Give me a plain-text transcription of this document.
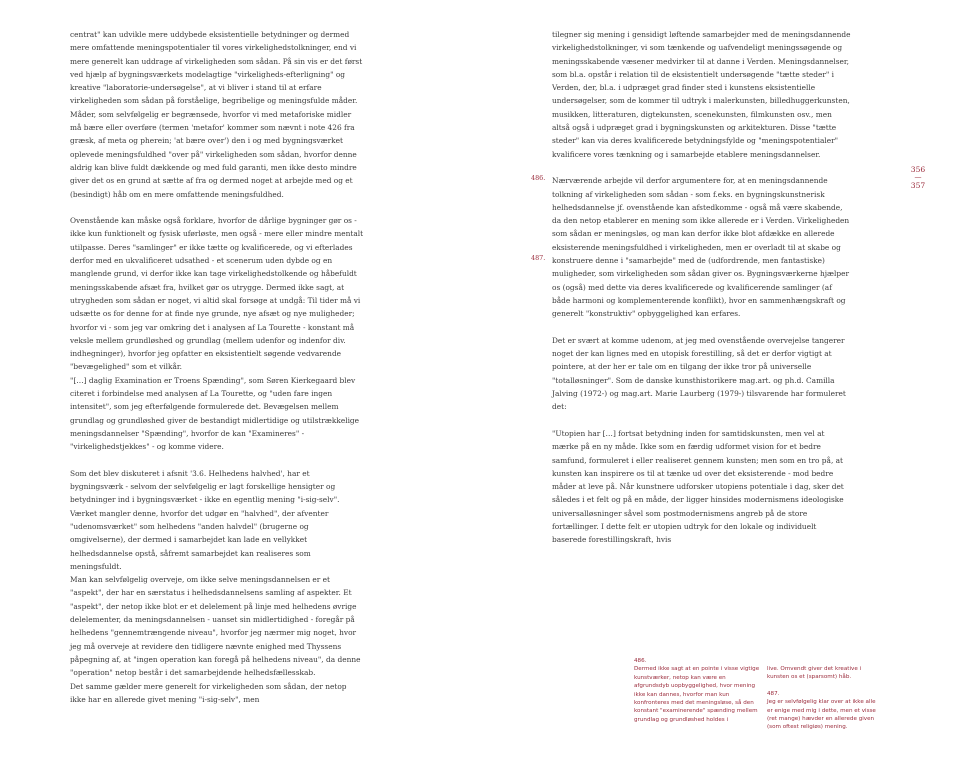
centrat" kan udvikle mere uddybede eksistentielle betydninger og dermed mere omfattende meningspotentialer til vores virkelighedstolkninger, end vi mere generelt kan uddrage af virkeligheden som sådan. På sin vis er det først ved hjælp af bygningsværkets modelagtige "virkeligheds-efterligning" og kreative "laboratorie-undersøgelse", at vi bliver i stand til at erfare virkeligheden som sådan på forståelige, begribelige og meningsfulde måder. Måder, som selvfølgelig er begrænsede, hvorfor vi med metaforiske midler må bære eller overføre (termen 'metafor' kommer som nævnt i note 426 fra græsk, af meta og pherein; 'at bære over') den i og med bygningsværket oplevede meningsfuldhed "over på" virkeligheden som sådan, hvorfor denne aldrig kan blive fuldt dækkende og med fuld garanti, men ikke desto mindre giver det os en grund at sætte af fra og dermed noget at arbejde med og et (besindigt) håb om en mere omfattende meningsfuldhed.

Ovenstående kan måske også forklare, hvorfor de dårlige bygninger gør os - ikke kun funktionelt og fysisk uførløste, men også - mere eller mindre mentalt utilpasse. Deres "samlinger" er ikke tætte og kvalificerede, og vi efterlades derfor med en ukvalificeret udsathed - et scenerum uden dybde og en manglende grund, vi derfor ikke kan tage virkelighedstolkende og håbefuldt meningsskabende afsæt fra, hvilket gør os utrygge. Dermed ikke sagt, at utrygheden som sådan er noget, vi altid skal forsøge at undgå: Til tider må vi udsætte os for denne for at finde nye grunde, nye afsæt og nye muligheder; hvorfor vi - som jeg var omkring det i analysen af La Tourette - konstant må veksle mellem grundløshed og grundlag (mellem udenfor og indenfor div. indhegninger), hvorfor jeg opfatter en eksistentielt søgende vedvarende "bevægelighed" som et vilkår.

"[…] daglig Examination er Troens Spænding", som Søren Kierkegaard blev citeret i forbindelse med analysen af La Tourette, og "uden fare ingen intensitet", som jeg efterfølgende formulerede det. Bevægelsen mellem grundlag og grundløshed giver de bestandigt midlertidige og utilstrækkelige meningsdannelser "Spænding", hvorfor de kan "Examineres" - "virkelighedstjekkes" - og komme videre.

Som det blev diskuteret i afsnit '3.6. Helhedens halvhed', har et bygningsværk - selvom der selvfølgelig er lagt forskellige hensigter og betydninger ind i bygningsværket - ikke en egentlig mening "i-sig-selv". Værket mangler denne, hvorfor det udgør en "halvhed", der afventer "udenomsværket" som helhedens "anden halvdel" (brugerne og omgivelserne), der dermed i samarbejdet kan lade en vellykket helhedsdannelse opstå, såfremt samarbejdet kan realiseres som meningsfuldt.

Man kan selvfølgelig overveje, om ikke selve meningsdannelsen er et "aspekt", der har en særstatus i helhedsdannelsens samling af aspekter. Et "aspekt", der netop ikke blot er et delelement på linje med helhedens øvrige delelementer, da meningsdannelsen - uanset sin midlertidighed - foregår på helhedens "gennemtrængende niveau", hvorfor jeg nærmer mig noget, hvor jeg må overveje at revidere den tidligere nævnte enighed med Thyssens påpegning af, at "ingen operation kan foregå på helhedens niveau", da denne "operation" netop består i det samarbejdende helhedsfællesskab.

Det samme gælder mere generelt for virkeligheden som sådan, der netop ikke har en allerede givet mening "i-sig-selv", men

tilegner sig mening i gensidigt løftende samarbejder med de meningsdannende virkelighedstolkninger, vi som tænkende og uafvendeligt meningssøgende og meningsskabende væsener medvirker til at danne i Verden. Meningsdannelser, som bl.a. opstår i relation til de eksistentielt undersøgende "tætte steder" i Verden, der, bl.a. i udpræget grad finder sted i kunstens eksistentielle undersøgelser, som de kommer til udtryk i malerkunsten, billedhuggerkunsten, musikken, litteraturen, digtekunsten, scenekunsten, filmkunsten osv., men altså også i udpræget grad i bygningskunsten og arkitekturen. Disse "tætte steder" kan via deres kvalificerede betydningsfylde og "meningspotentialer" kvalificere vores tænkning og i samarbejde etablere meningsdannelser.

Nærværende arbejde vil derfor argumentere for, at en meningsdannende tolkning af virkeligheden som sådan - som f.eks. en bygningskunstnerisk helhedsdannelse jf. ovenstående kan afstedkomme - også må være skabende, da den netop etablerer en mening som ikke allerede er i Verden. Virkeligheden som sådan er meningsløs, og man kan derfor ikke blot afdække en allerede eksisterende meningsfuldhed i virkeligheden, men er overladt til at skabe og konstruere denne i "samarbejde" med de (udfordrende, men fantastiske) muligheder, som virkeligheden som sådan giver os. Bygningsværkerne hjælper os (også) med dette via deres kvalificerede og kvalificerende samlinger (af både harmoni og komplementerende konflikt), hvor en sammenhængskraft og generelt "konstruktiv" opbyggelighed kan erfares.

Det er svært at komme udenom, at jeg med ovenstående overvejelse tangerer noget der kan lignes med en utopisk forestilling, så det er derfor vigtigt at pointere, at der her er tale om en tilgang der ikke tror på universelle "totalløsninger". Som de danske kunsthistorikere mag.art. og ph.d. Camilla Jalving (1972-) og mag.art. Marie Laurberg (1979-) tilsvarende har formuleret det:

"Utopien har […] fortsat betydning inden for samtidskunsten, men vel at mærke på en ny måde. Ikke som en færdig udformet vision for et bedre samfund, formuleret i eller realiseret gennem kunsten; men som en tro på, at kunsten kan inspirere os til at tænke ud over det eksisterende - mod bedre måder at leve på. Når kunstnere udforsker utopiens potentiale i dag, sker det således i et felt og på en måde, der ligger hinsides modernismens ideologiske universalløsninger såvel som postmodernismens angreb på de store fortællinger. I dette felt er utopien udtryk for den lokale og individuelt baserede forestillingskraft, hvis

486.
487.
356
—
357
486.
Dermed ikke sagt at en pointe i visse vigtige kunstværker, netop kan være en afgrundsdyb uopbyggelighed, hvor mening ikke kan dannes, hvorfor man kun konfronteres med det meningsløse, så den konstant "examinerende" spænding mellem grundlag og grundløshed holdes i
live. Omvendt giver det kreative i kunsten os et (sparsomt) håb.
487.
Jeg er selvfølgelig klar over at ikke alle er enige med mig i dette, men et visse (ret mange) hævder en allerede given (som oftest religiøs) mening.
